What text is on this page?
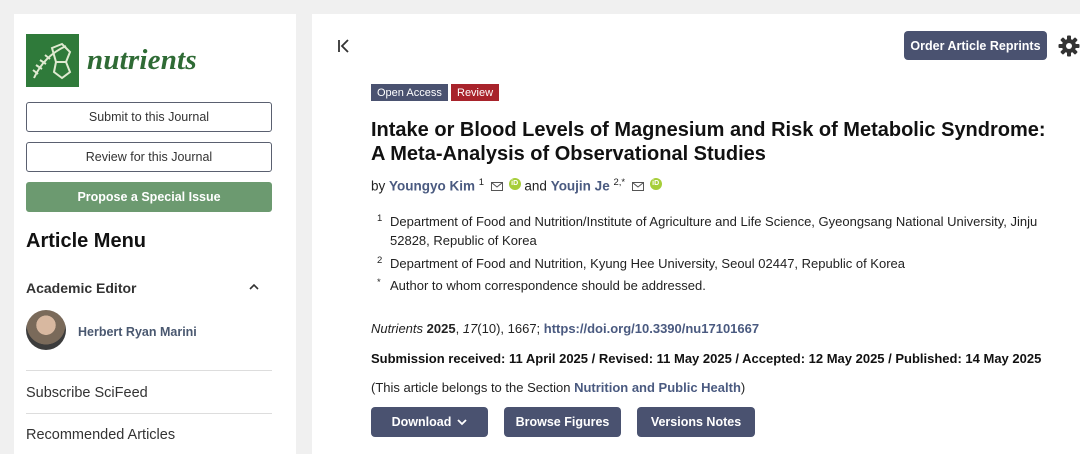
nutrients
Submit to this Journal
Review for this Journal
Propose a Special Issue
Article Menu
Academic Editor
Herbert Ryan Marini
Subscribe SciFeed
Recommended Articles
Order Article Reprints
Open Access	Review
Intake or Blood Levels of Magnesium and Risk of Metabolic Syndrome:
A Meta-Analysis of Observational Studies
by Youngyo Kim $^1$	iD and Youjin Je $^{2,*}$	iD
1 Department of Food and Nutrition/Institute of Agriculture and Life Science, Gyeongsang National University, Jinju 52828, Republic of Korea
2 Department of Food and Nutrition, Kyung Hee University, Seoul 02447, Republic of Korea
* Author to whom correspondence should be addressed.
Nutrients 2025, 17(10), 1667; https://doi.org/10.3390/nu17101667
Submission received: 11 April 2025 / Revised: 11 May 2025 / Accepted: 12 May 2025 / Published: 14 May 2025
(This article belongs to the Section Nutrition and Public Health)
Download	Browse Figures	Versions Notes
